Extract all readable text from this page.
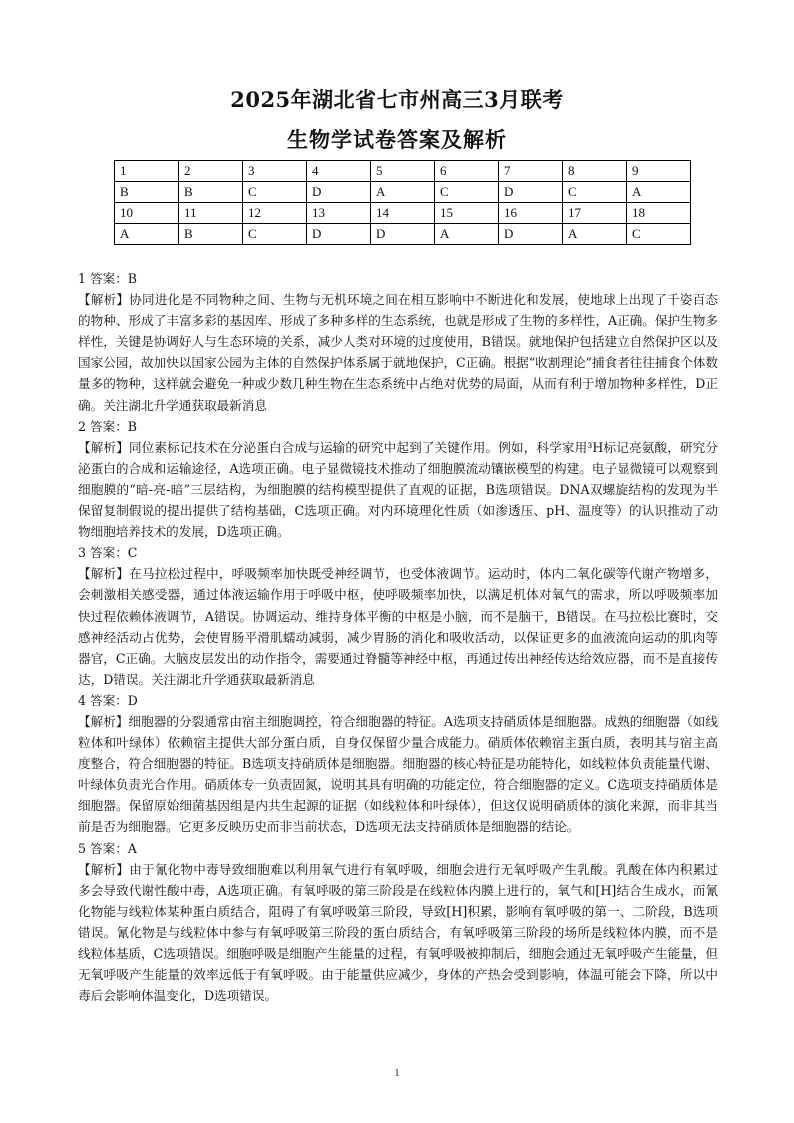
2025年湖北省七市州高三3月联考
生物学试卷答案及解析
1	2	3	4	5	6	7	8	9
B	B	C	D	A	C	D	C	A
10	11	12	13	14	15	16	17	18
A	B	C	D	D	A	D	A	C
1 答案：B

【解析】协同进化是不同物种之间、生物与无机环境之间在相互影响中不断进化和发展，使地球上出现了千姿百态的物种、形成了丰富多彩的基因库、形成了多种多样的生态系统，也就是形成了生物的多样性，A正确。保护生物多样性，关键是协调好人与生态环境的关系，减少人类对环境的过度使用，B错误。就地保护包括建立自然保护区以及国家公园，故加快以国家公园为主体的自然保护体系属于就地保护，C正确。根据“收割理论”捕食者往往捕食个体数量多的物种，这样就会避免一种或少数几种生物在生态系统中占绝对优势的局面，从而有利于增加物种多样性，D正确。关注湖北升学通获取最新消息

2 答案：B

【解析】同位素标记技术在分泌蛋白合成与运输的研究中起到了关键作用。例如，科学家用³H标记亮氨酸，研究分泌蛋白的合成和运输途径，A选项正确。电子显微镜技术推动了细胞膜流动镶嵌模型的构建。电子显微镜可以观察到细胞膜的“暗-亮-暗”三层结构，为细胞膜的结构模型提供了直观的证据，B选项错误。DNA双螺旋结构的发现为半保留复制假说的提出提供了结构基础，C选项正确。对内环境理化性质（如渗透压、pH、温度等）的认识推动了动物细胞培养技术的发展，D选项正确。

3 答案：C

【解析】在马拉松过程中，呼吸频率加快既受神经调节，也受体液调节。运动时，体内二氧化碳等代谢产物增多，会刺激相关感受器，通过体液运输作用于呼吸中枢，使呼吸频率加快，以满足机体对氧气的需求，所以呼吸频率加快过程依赖体液调节，A错误。协调运动、维持身体平衡的中枢是小脑，而不是脑干，B错误。在马拉松比赛时，交感神经活动占优势，会使胃肠平滑肌蠕动减弱，减少胃肠的消化和吸收活动，以保证更多的血液流向运动的肌肉等器官，C正确。大脑皮层发出的动作指令，需要通过脊髓等神经中枢，再通过传出神经传达给效应器，而不是直接传达，D错误。关注湖北升学通获取最新消息

4 答案：D

【解析】细胞器的分裂通常由宿主细胞调控，符合细胞器的特征。A选项支持硝质体是细胞器。成熟的细胞器（如线粒体和叶绿体）依赖宿主提供大部分蛋白质，自身仅保留少量合成能力。硝质体依赖宿主蛋白质，表明其与宿主高度整合，符合细胞器的特征。B选项支持硝质体是细胞器。细胞器的核心特征是功能特化，如线粒体负责能量代谢、叶绿体负责光合作用。硝质体专一负责固氮，说明其具有明确的功能定位，符合细胞器的定义。C选项支持硝质体是细胞器。保留原始细菌基因组是内共生起源的证据（如线粒体和叶绿体），但这仅说明硝质体的演化来源，而非其当前是否为细胞器。它更多反映历史而非当前状态，D选项无法支持硝质体是细胞器的结论。

5 答案：A

【解析】由于氰化物中毒导致细胞难以利用氧气进行有氧呼吸，细胞会进行无氧呼吸产生乳酸。乳酸在体内积累过多会导致代谢性酸中毒，A选项正确。有氧呼吸的第三阶段是在线粒体内膜上进行的，氧气和[H]结合生成水，而氰化物能与线粒体某种蛋白质结合，阻碍了有氧呼吸第三阶段，导致[H]积累，影响有氧呼吸的第一、二阶段，B选项错误。氰化物是与线粒体中参与有氧呼吸第三阶段的蛋白质结合，有氧呼吸第三阶段的场所是线粒体内膜，而不是线粒体基质，C选项错误。细胞呼吸是细胞产生能量的过程，有氧呼吸被抑制后，细胞会通过无氧呼吸产生能量，但无氧呼吸产生能量的效率远低于有氧呼吸。由于能量供应减少，身体的产热会受到影响，体温可能会下降，所以中毒后会影响体温变化，D选项错误。

1
